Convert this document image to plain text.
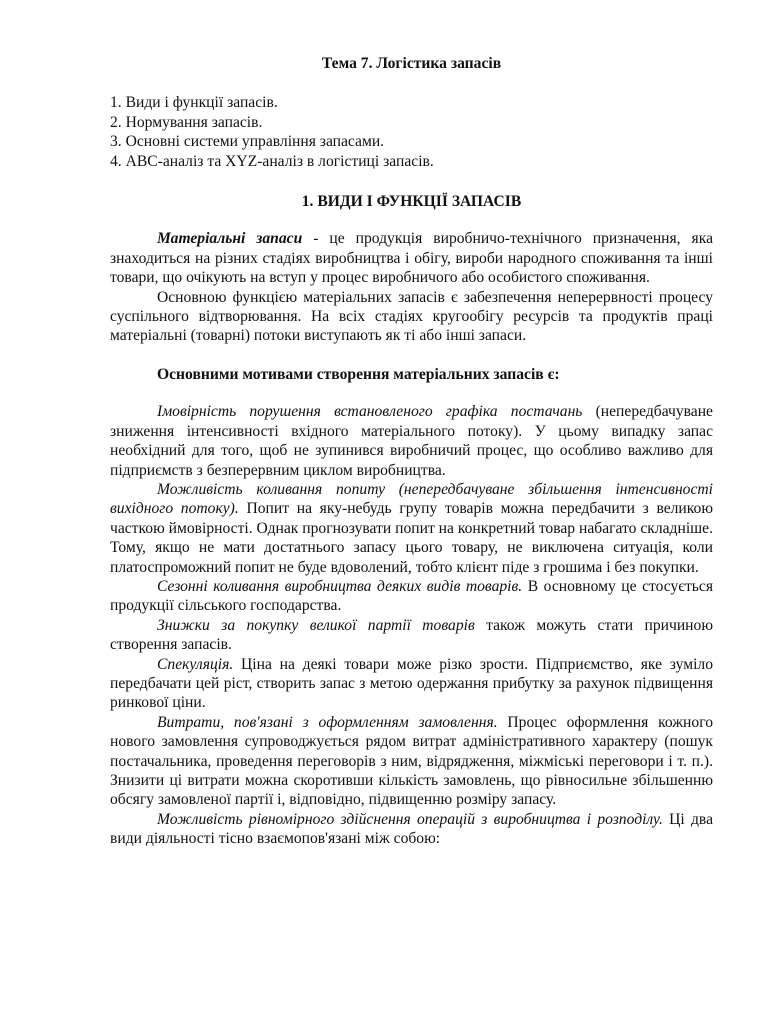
Тема 7. Логістика запасів
1. Види і функції запасів.
2. Нормування запасів.
3. Основні системи управління запасами.
4. АВС-аналіз та XYZ-аналіз в логістиці запасів.
1. ВИДИ І ФУНКЦІЇ ЗАПАСІВ

Матеріальні запаси - це продукція виробничо-технічного призначення, яка знаходиться на різних стадіях виробництва і обігу, вироби народного споживання та інші товари, що очікують на вступ у процес виробничого або особистого споживання.

Основною функцією матеріальних запасів є забезпечення неперервності процесу суспільного відтворювання. На всіх стадіях кругообігу ресурсів та продуктів праці матеріальні (товарні) потоки виступають як ті або інші запаси.

Основними мотивами створення матеріальних запасів є:

Імовірність порушення встановленого графіка постачань (непередбачуване зниження інтенсивності вхідного матеріального потоку). У цьому випадку запас необхідний для того, щоб не зупинився виробничий процес, що особливо важливо для підприємств з безперервним циклом виробництва.

Можливість коливання попиту (непередбачуване збільшення інтенсивності вихідного потоку). Попит на яку-небудь групу товарів можна передбачити з великою часткою ймовірності. Однак прогнозувати попит на конкретний товар набагато складніше. Тому, якщо не мати достатнього запасу цього товару, не виключена ситуація, коли платоспроможний попит не буде вдоволений, тобто клієнт піде з грошима і без покупки.

Сезонні коливання виробництва деяких видів товарів. В основному це стосується продукції сільського господарства.

Знижки за покупку великої партії товарів також можуть стати причиною створення запасів.

Спекуляція. Ціна на деякі товари може різко зрости. Підприємство, яке зуміло передбачати цей ріст, створить запас з метою одержання прибутку за рахунок підвищення ринкової ціни.

Витрати, пов'язані з оформленням замовлення. Процес оформлення кожного нового замовлення супроводжується рядом витрат адміністративного характеру (пошук постачальника, проведення переговорів з ним, відрядження, міжміські переговори і т. п.). Знизити ці витрати можна скоротивши кількість замовлень, що рівносильне збільшенню обсягу замовленої партії і, відповідно, підвищенню розміру запасу.

Можливість рівномірного здійснення операцій з виробництва і розподілу. Ці два види діяльності тісно взаємопов'язані між собою:
